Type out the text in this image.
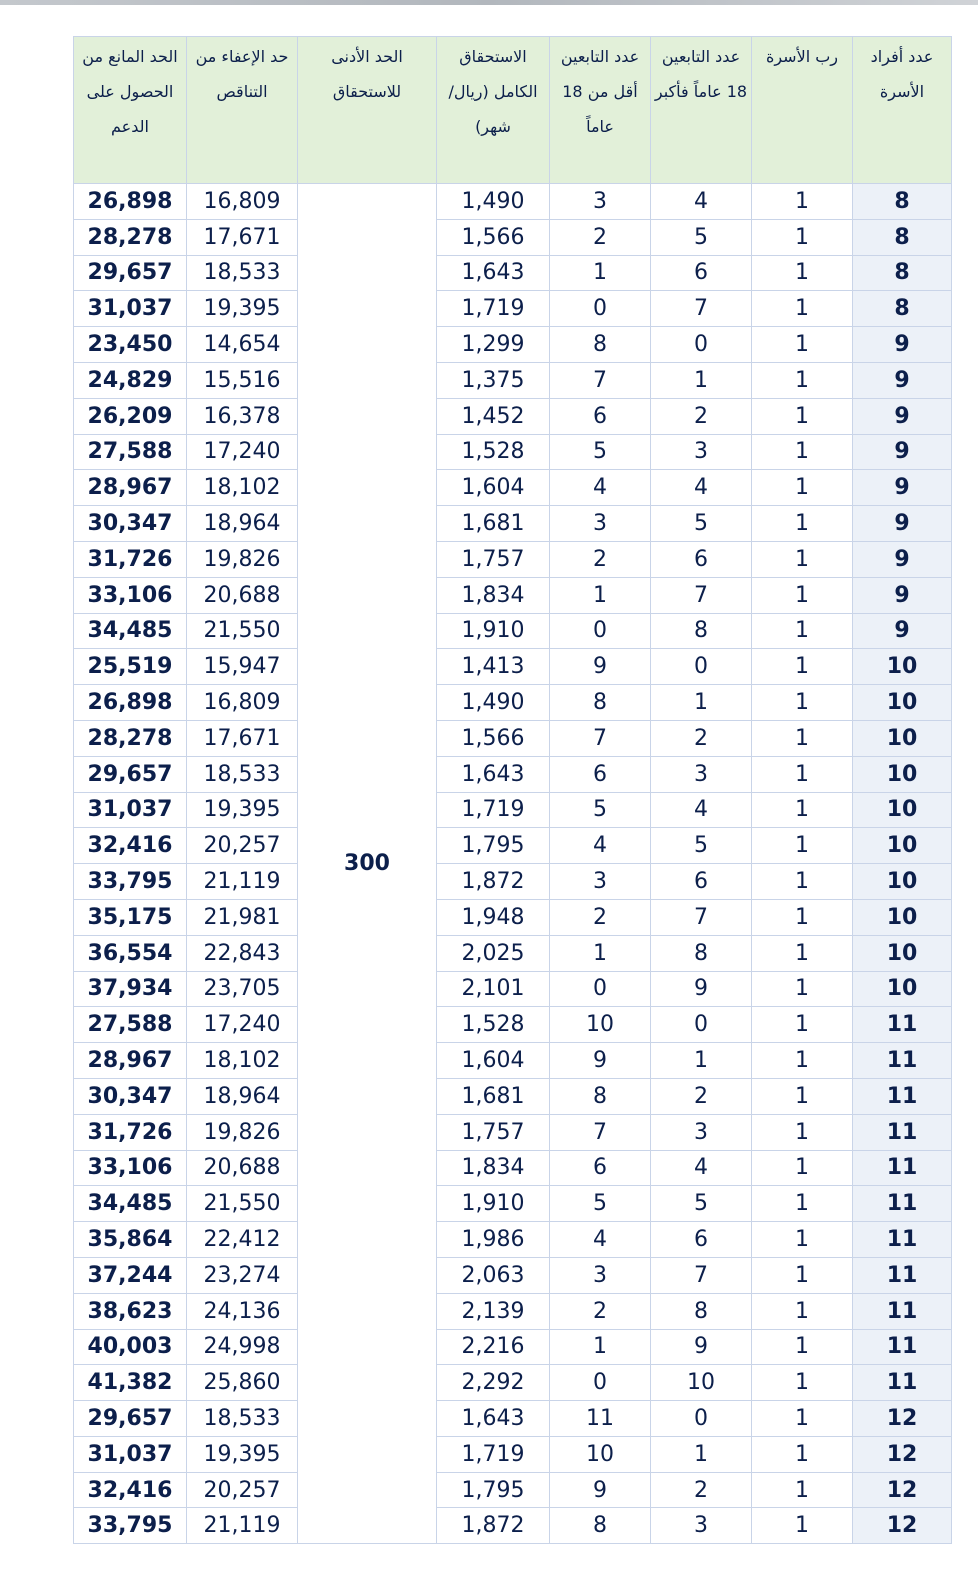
عدد أفراد الأسرة	رب الأسرة	عدد التابعين 18 عاماً فأكبر	عدد التابعين أقل من 18 عاماً	الاستحقاق الكامل (ريال/شهر)	الحد الأدنى للاستحقاق	حد الإعفاء من التناقص	الحد المانع من الحصول على الدعم
8	1	4	3	1,490	300	16,809	26,898
8	1	5	2	1,566		17,671	28,278
8	1	6	1	1,643		18,533	29,657
8	1	7	0	1,719		19,395	31,037
9	1	0	8	1,299		14,654	23,450
9	1	1	7	1,375		15,516	24,829
9	1	2	6	1,452		16,378	26,209
9	1	3	5	1,528		17,240	27,588
9	1	4	4	1,604		18,102	28,967
9	1	5	3	1,681		18,964	30,347
9	1	6	2	1,757		19,826	31,726
9	1	7	1	1,834		20,688	33,106
9	1	8	0	1,910		21,550	34,485
10	1	0	9	1,413		15,947	25,519
10	1	1	8	1,490		16,809	26,898
10	1	2	7	1,566		17,671	28,278
10	1	3	6	1,643		18,533	29,657
10	1	4	5	1,719		19,395	31,037
10	1	5	4	1,795		20,257	32,416
10	1	6	3	1,872		21,119	33,795
10	1	7	2	1,948		21,981	35,175
10	1	8	1	2,025		22,843	36,554
10	1	9	0	2,101		23,705	37,934
11	1	0	10	1,528		17,240	27,588
11	1	1	9	1,604		18,102	28,967
11	1	2	8	1,681		18,964	30,347
11	1	3	7	1,757		19,826	31,726
11	1	4	6	1,834		20,688	33,106
11	1	5	5	1,910		21,550	34,485
11	1	6	4	1,986		22,412	35,864
11	1	7	3	2,063		23,274	37,244
11	1	8	2	2,139		24,136	38,623
11	1	9	1	2,216		24,998	40,003
11	1	10	0	2,292		25,860	41,382
12	1	0	11	1,643		18,533	29,657
12	1	1	10	1,719		19,395	31,037
12	1	2	9	1,795		20,257	32,416
12	1	3	8	1,872		21,119	33,795
